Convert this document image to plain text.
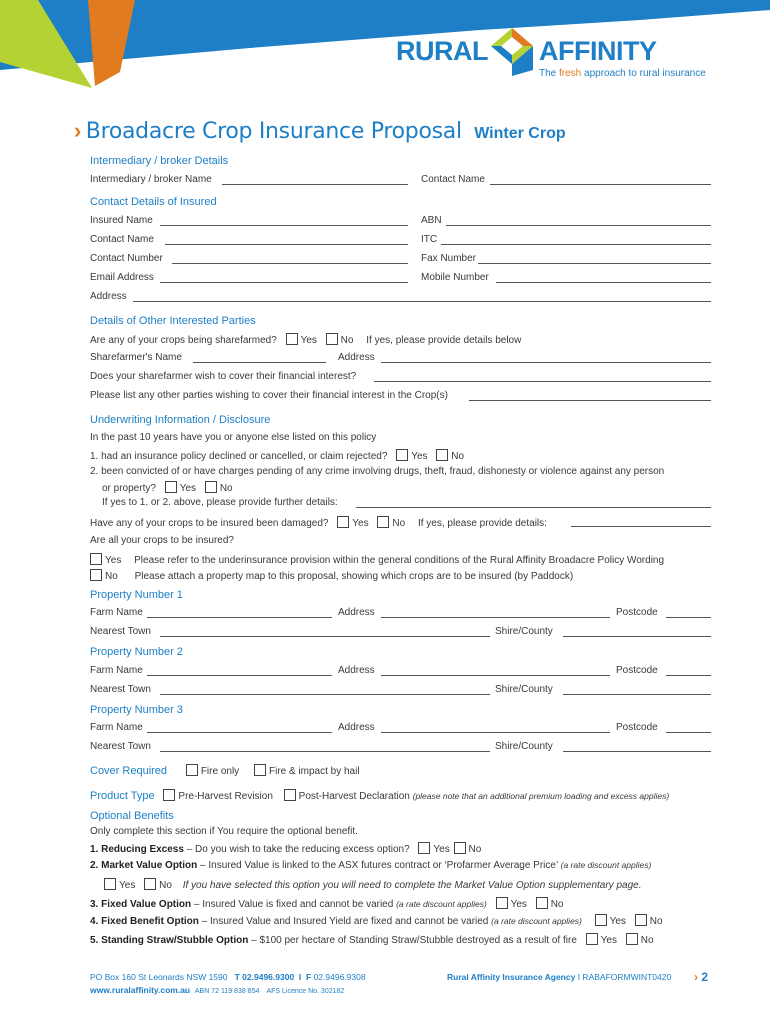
RURAL AFFINITY
The fresh approach to rural insurance
› Broadacre Crop Insurance Proposal Winter Crop
Intermediary / broker Details
Intermediary / broker Name	Contact Name
Contact Details of Insured
Insured Name	ABN
Contact Name	ITC
Contact Number	Fax Number
Email Address	Mobile Number
Address
Details of Other Interested Parties
Are any of your crops being sharefarmed? Yes No If yes, please provide details below
Sharefarmer's Name	Address
Does your sharefarmer wish to cover their financial interest?
Please list any other parties wishing to cover their financial interest in the Crop(s)
Underwriting Information / Disclosure
In the past 10 years have you or anyone else listed on this policy
1. had an insurance policy declined or cancelled, or claim rejected? Yes No
2. been convicted of or have charges pending of any crime involving drugs, theft, fraud, dishonesty or violence against any person
or property? Yes No
If yes to 1. or 2. above, please provide further details:
Have any of your crops to be insured been damaged? Yes No If yes, please provide details:
Are all your crops to be insured?
Yes Please refer to the underinsurance provision within the general conditions of the Rural Affinity Broadacre Policy Wording
No Please attach a property map to this proposal, showing which crops are to be insured (by Paddock)
Property Number 1
Farm Name	Address	Postcode
Nearest Town	Shire/County
Property Number 2
Farm Name	Address	Postcode
Nearest Town	Shire/County
Property Number 3
Farm Name	Address	Postcode
Nearest Town	Shire/County
Cover Required	Fire only	Fire & impact by hail
Product Type Pre-Harvest Revision	Post-Harvest Declaration (please note that an additional premium loading and excess applies)
Optional Benefits
Only complete this section if You require the optional benefit.
1. Reducing Excess – Do you wish to take the reducing excess option? Yes No
2. Market Value Option – Insured Value is linked to the ASX futures contract or ‘Profarmer Average Price’ (a rate discount applies)
Yes No If you have selected this option you will need to complete the Market Value Option supplementary page.
3. Fixed Value Option – Insured Value is fixed and cannot be varied (a rate discount applies) Yes No
4. Fixed Benefit Option – Insured Value and Insured Yield are fixed and cannot be varied (a rate discount applies)	Yes No
5. Standing Straw/Stubble Option – $100 per hectare of Standing Straw/Stubble destroyed as a result of fire Yes No
PO Box 160 St Leonards NSW 1590 T 02.9496.9300 I F 02.9496.9308
www.ruralaffinity.com.au ABN 72 119 838 854 AFS Licence No. 302182
Rural Affinity Insurance Agency I RABAFORMWINT0420 › 2
